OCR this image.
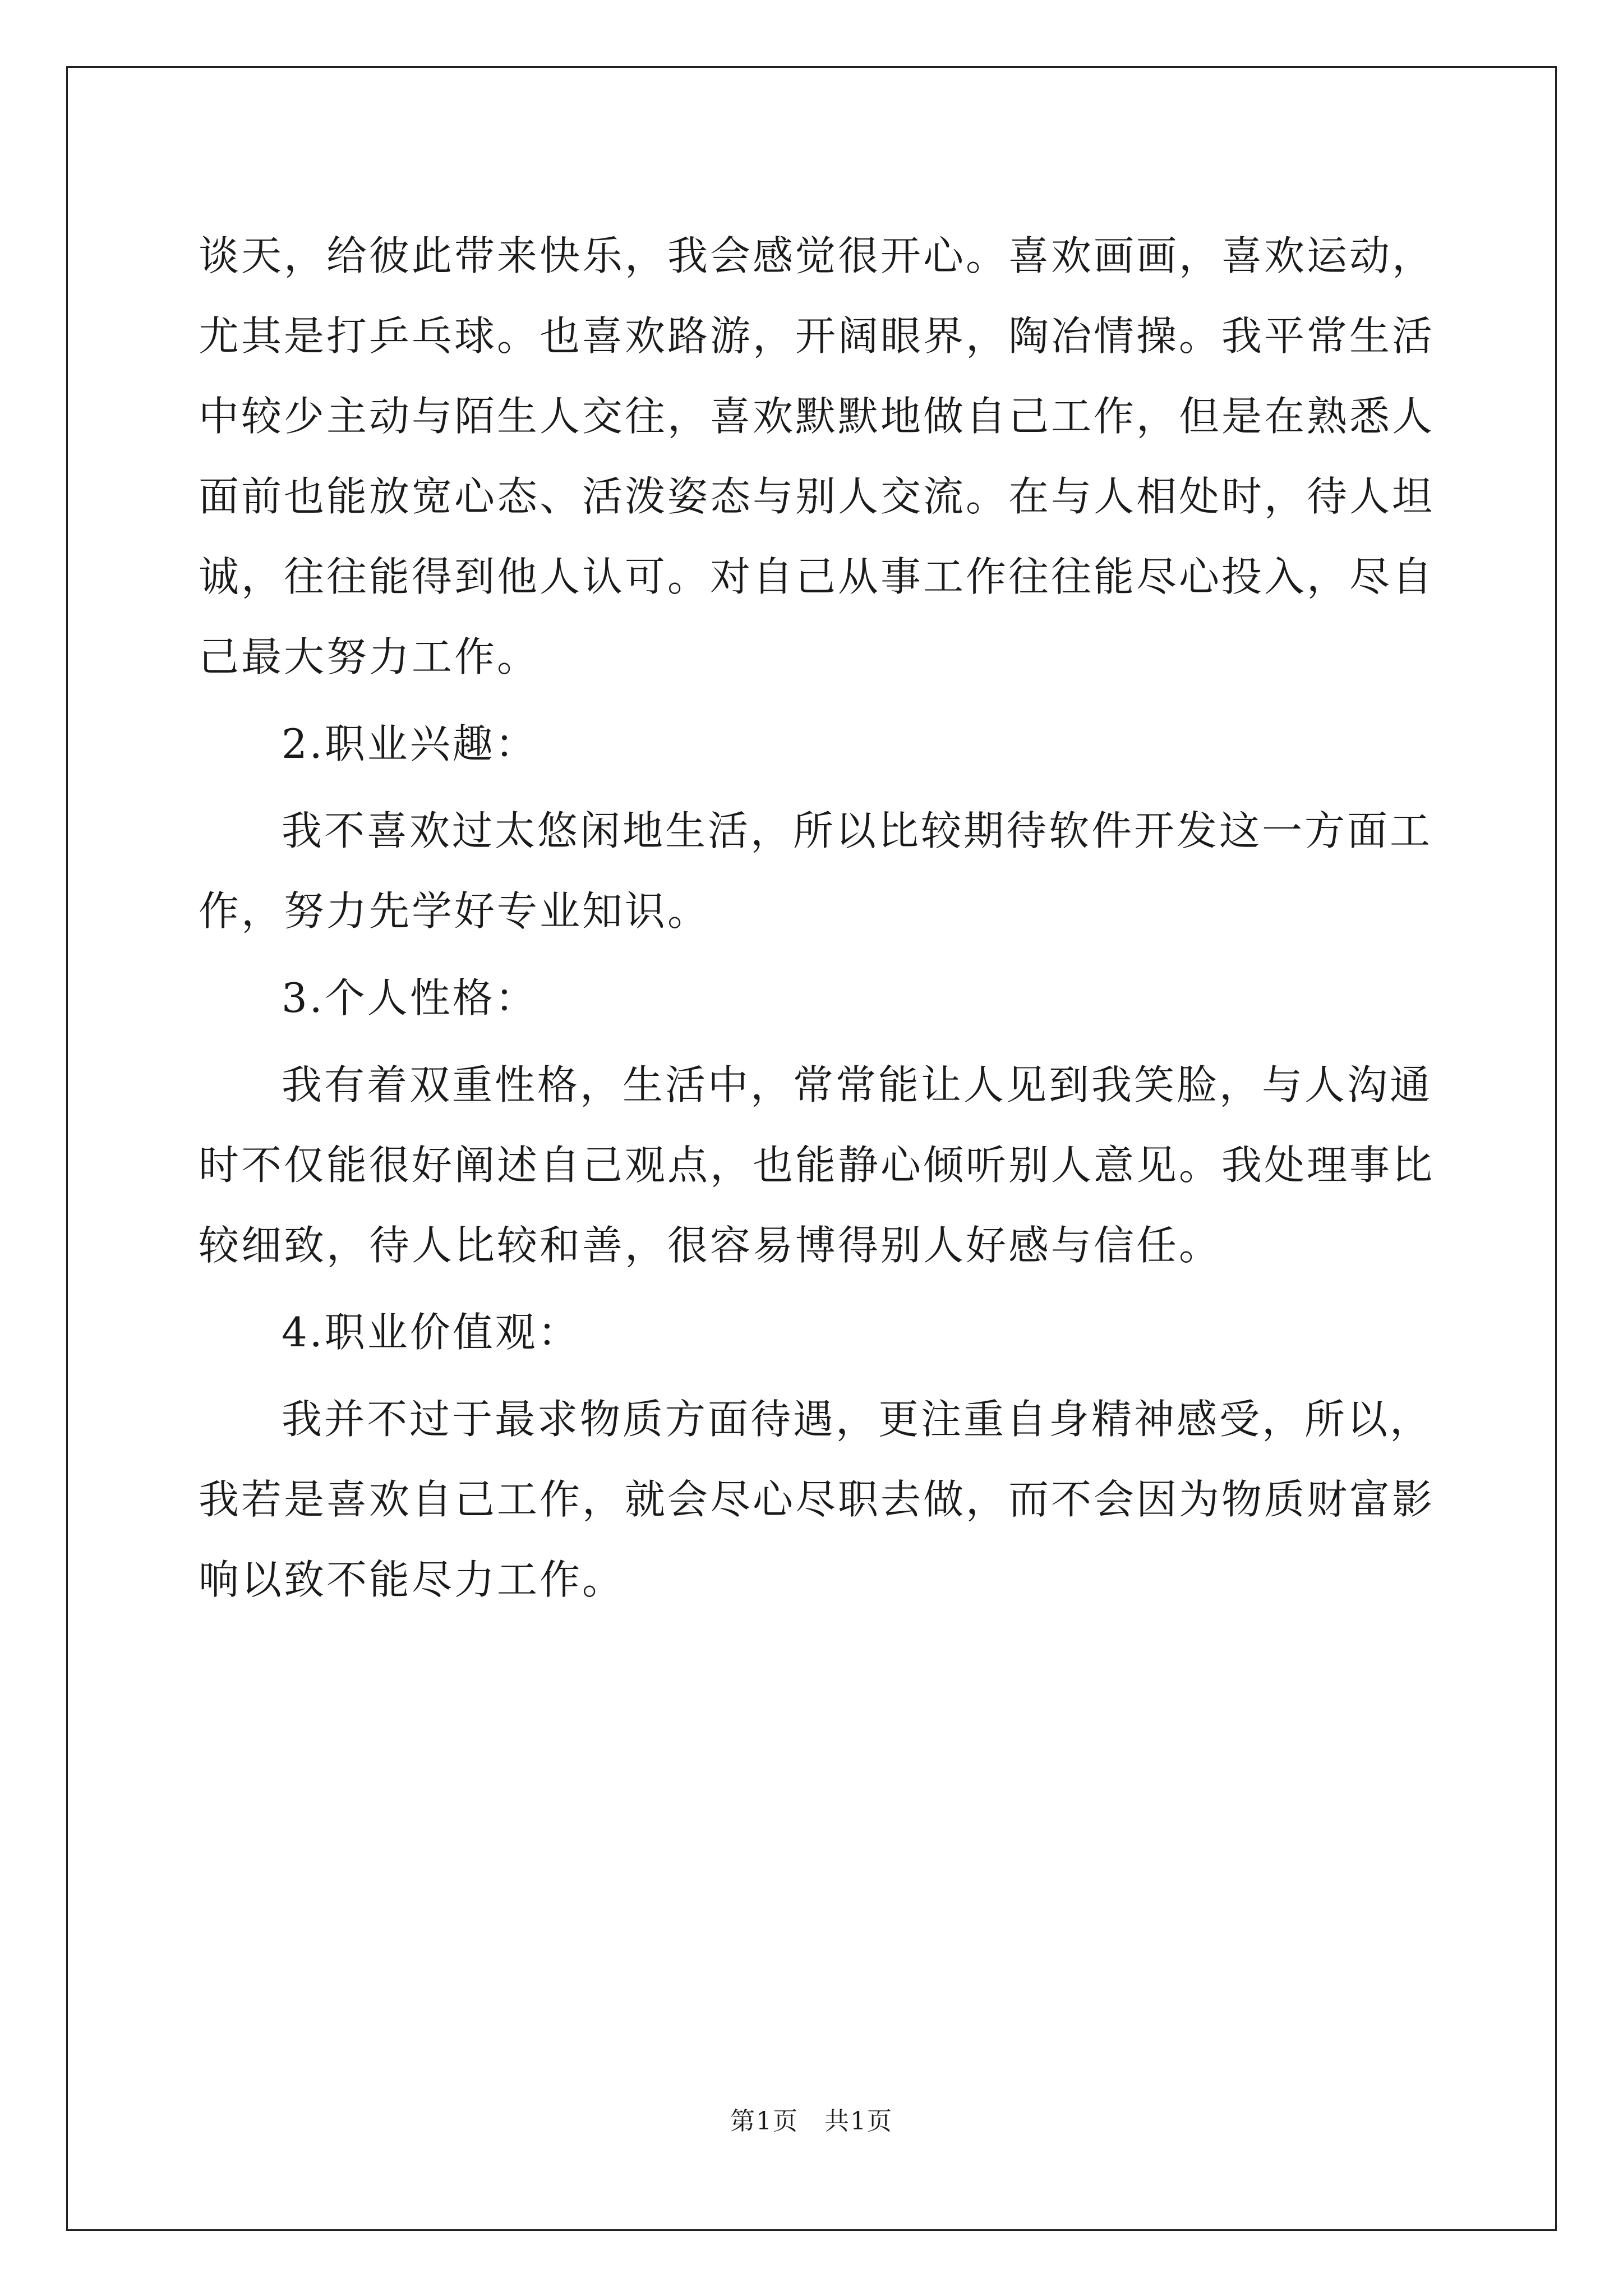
谈天，给彼此带来快乐，我会感觉很开心。喜欢画画，喜欢运动，尤其是打乒乓球。也喜欢路游，开阔眼界，陶冶情操。我平常生活中较少主动与陌生人交往，喜欢默默地做自己工作，但是在熟悉人面前也能放宽心态、活泼姿态与别人交流。在与人相处时，待人坦诚，往往能得到他人认可。对自己从事工作往往能尽心投入，尽自己最大努力工作。

2.职业兴趣：

我不喜欢过太悠闲地生活，所以比较期待软件开发这一方面工作，努力先学好专业知识。

3.个人性格：

我有着双重性格，生活中，常常能让人见到我笑脸，与人沟通时不仅能很好阐述自己观点，也能静心倾听别人意见。我处理事比较细致，待人比较和善，很容易博得别人好感与信任。

4.职业价值观：

我并不过于最求物质方面待遇，更注重自身精神感受，所以，我若是喜欢自己工作，就会尽心尽职去做，而不会因为物质财富影响以致不能尽力工作。

第1页　共1页
